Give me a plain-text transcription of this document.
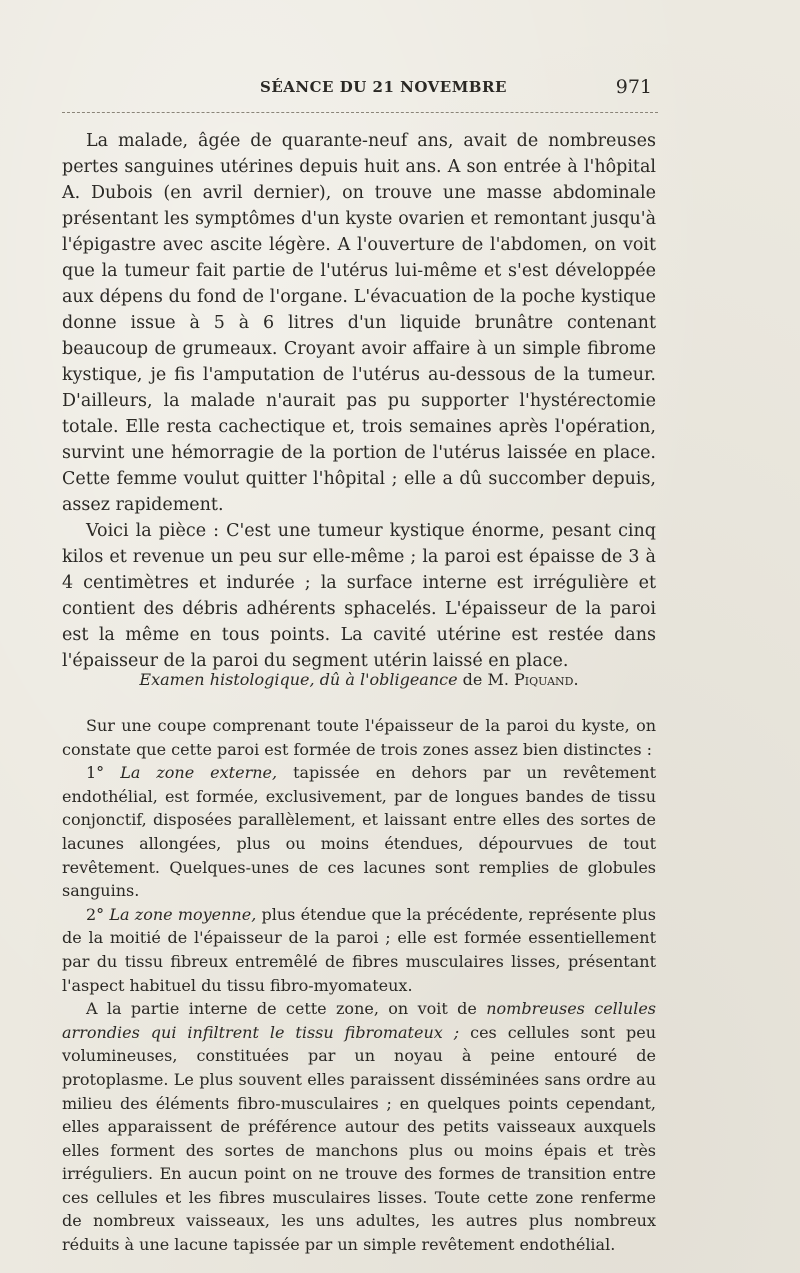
SÉANCE DU 21 NOVEMBRE	971

La malade, âgée de quarante-neuf ans, avait de nombreuses pertes sanguines utérines depuis huit ans. A son entrée à l'hôpital A. Dubois (en avril dernier), on trouve une masse abdominale présentant les symptômes d'un kyste ovarien et remontant jusqu'à l'épigastre avec ascite légère. A l'ouverture de l'abdomen, on voit que la tumeur fait partie de l'utérus lui-même et s'est développée aux dépens du fond de l'organe. L'évacuation de la poche kystique donne issue à 5 à 6 litres d'un liquide brunâtre contenant beaucoup de grumeaux. Croyant avoir affaire à un simple fibrome kystique, je fis l'amputation de l'utérus au-dessous de la tumeur. D'ailleurs, la malade n'aurait pas pu supporter l'hystérectomie totale. Elle resta cachectique et, trois semaines après l'opération, survint une hémorragie de la portion de l'utérus laissée en place. Cette femme voulut quitter l'hôpital ; elle a dû succomber depuis, assez rapidement.

Voici la pièce : C'est une tumeur kystique énorme, pesant cinq kilos et revenue un peu sur elle-même ; la paroi est épaisse de 3 à 4 centimètres et indurée ; la surface interne est irrégulière et contient des débris adhérents sphacelés. L'épaisseur de la paroi est la même en tous points. La cavité utérine est restée dans l'épaisseur de la paroi du segment utérin laissé en place.

Examen histologique, dû à l'obligeance de M. Piquand.

Sur une coupe comprenant toute l'épaisseur de la paroi du kyste, on constate que cette paroi est formée de trois zones assez bien distinctes :

1° La zone externe, tapissée en dehors par un revêtement endothélial, est formée, exclusivement, par de longues bandes de tissu conjonctif, disposées parallèlement, et laissant entre elles des sortes de lacunes allongées, plus ou moins étendues, dépourvues de tout revêtement. Quelques-unes de ces lacunes sont remplies de globules sanguins.

2° La zone moyenne, plus étendue que la précédente, représente plus de la moitié de l'épaisseur de la paroi ; elle est formée essentiellement par du tissu fibreux entremêlé de fibres musculaires lisses, présentant l'aspect habituel du tissu fibro-myomateux.

A la partie interne de cette zone, on voit de nombreuses cellules arrondies qui infiltrent le tissu fibromateux ; ces cellules sont peu volumineuses, constituées par un noyau à peine entouré de protoplasme. Le plus souvent elles paraissent disséminées sans ordre au milieu des éléments fibro-musculaires ; en quelques points cependant, elles apparaissent de préférence autour des petits vaisseaux auxquels elles forment des sortes de manchons plus ou moins épais et très irréguliers. En aucun point on ne trouve des formes de transition entre ces cellules et les fibres musculaires lisses. Toute cette zone renferme de nombreux vaisseaux, les uns adultes, les autres plus nombreux réduits à une lacune tapissée par un simple revêtement endothélial.
